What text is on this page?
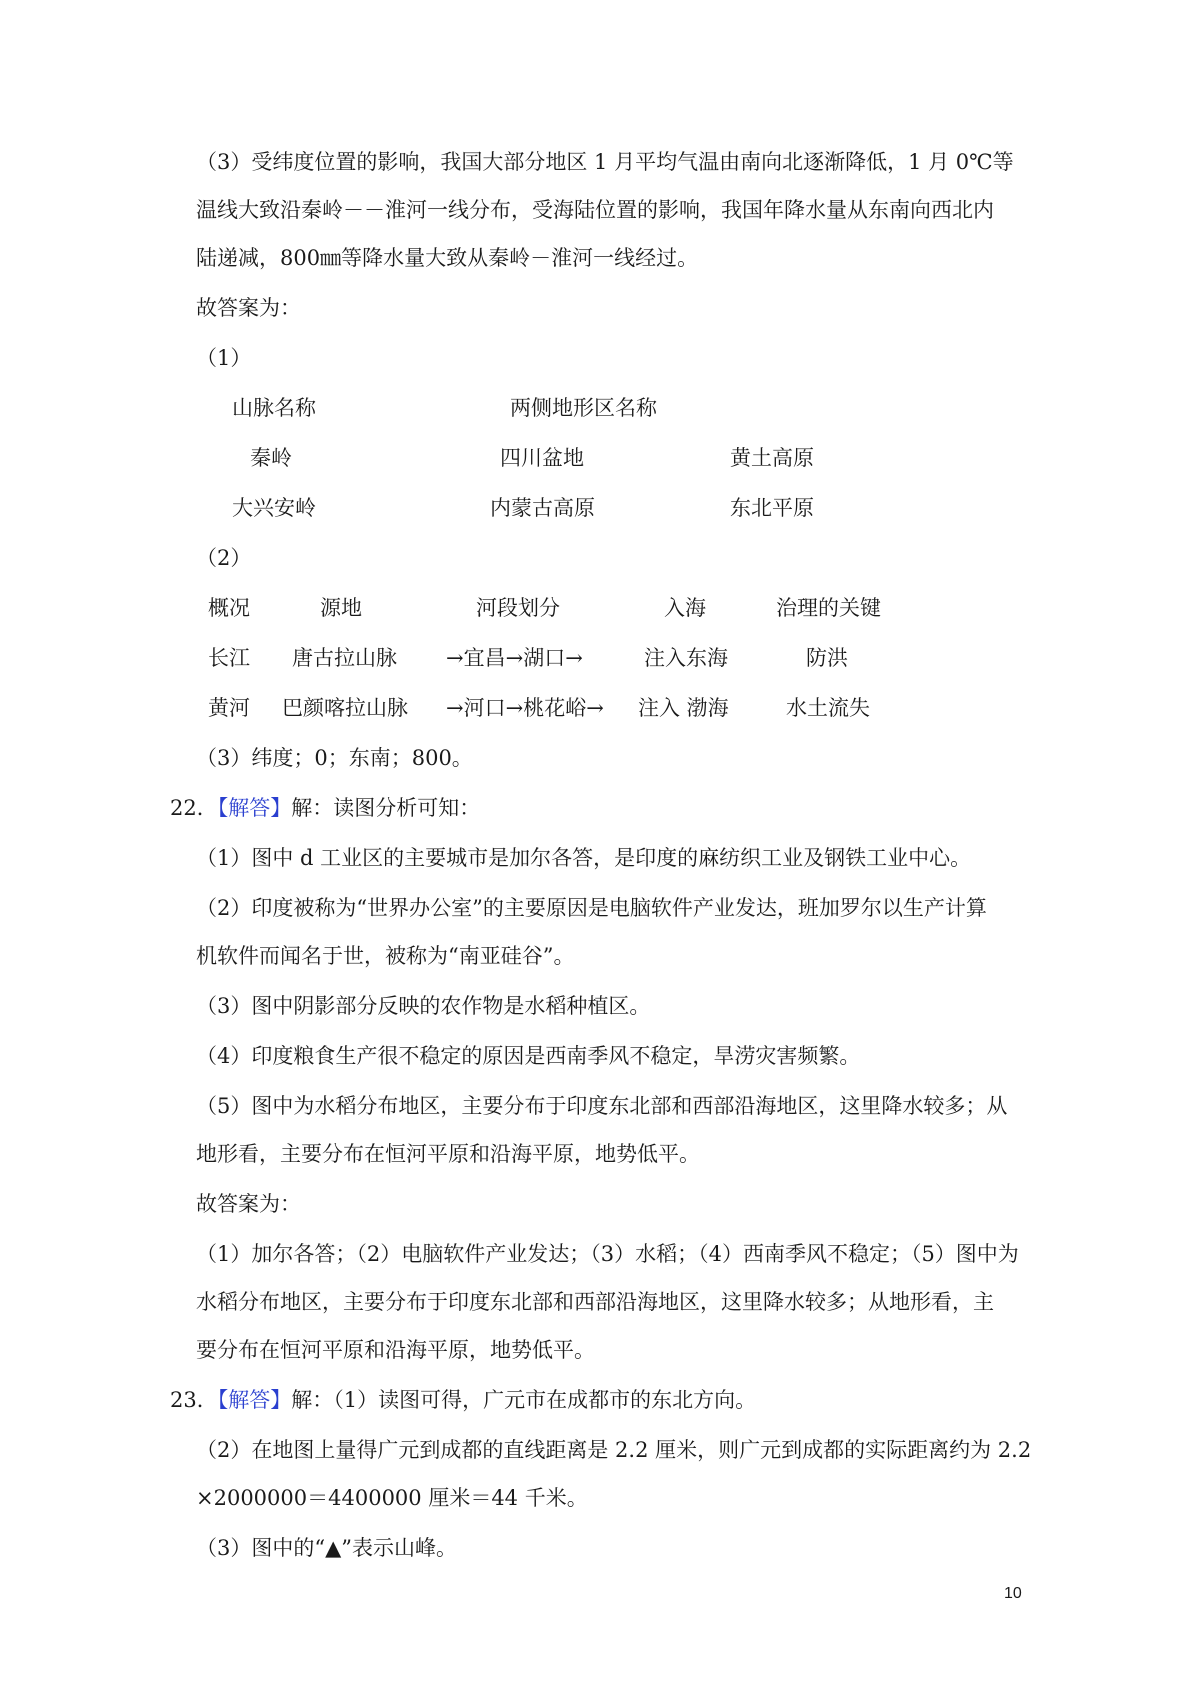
（3）受纬度位置的影响，我国大部分地区 1 月平均气温由南向北逐渐降低，1 月 0℃等
温线大致沿秦岭－－淮河一线分布，受海陆位置的影响，我国年降水量从东南向西北内
陆递减，800㎜等降水量大致从秦岭－淮河一线经过。
故答案为：
（1）
山脉名称	两侧地形区名称
秦岭	四川盆地	黄土高原
大兴安岭	内蒙古高原	东北平原
（2）
概况	源地	河段划分	入海	治理的关键
长江 唐古拉山脉 →宜昌→湖口→	注入东海	防洪
黄河 巴颜喀拉山脉 →河口→桃花峪→ 注入 渤海	水土流失
（3）纬度；0；东南；800。
22．【解答】解：读图分析可知：
（1）图中 d 工业区的主要城市是加尔各答，是印度的麻纺织工业及钢铁工业中心。
（2）印度被称为“世界办公室”的主要原因是电脑软件产业发达，班加罗尔以生产计算
机软件而闻名于世，被称为“南亚硅谷”。
（3）图中阴影部分反映的农作物是水稻种植区。
（4）印度粮食生产很不稳定的原因是西南季风不稳定，旱涝灾害频繁。
（5）图中为水稻分布地区，主要分布于印度东北部和西部沿海地区，这里降水较多；从
地形看，主要分布在恒河平原和沿海平原，地势低平。
故答案为：
（1）加尔各答；（2）电脑软件产业发达；（3）水稻；（4）西南季风不稳定；（5）图中为
水稻分布地区，主要分布于印度东北部和西部沿海地区，这里降水较多；从地形看，主
要分布在恒河平原和沿海平原，地势低平。
23．【解答】解：（1）读图可得，广元市在成都市的东北方向。
（2）在地图上量得广元到成都的直线距离是 2.2 厘米，则广元到成都的实际距离约为 2.2
×2000000＝4400000 厘米＝44 千米。
（3）图中的“▲”表示山峰。
10
